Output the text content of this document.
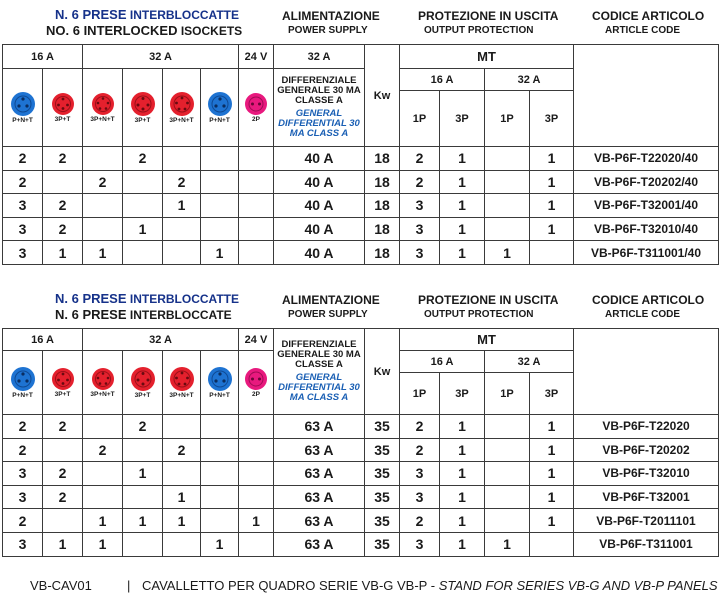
N. 6 PRESE INTERBLOCCATTE
NO. 6 INTERLOCKED ISOCKETS
ALIMENTAZIONE
POWER SUPPLY
PROTEZIONE IN USCITA
OUTPUT PROTECTION
CODICE ARTICOLO
ARTICLE CODE
16 A		32 A				24 V	32 A	Kw	MT				

P+N+T	3P+T	3P+N+T	3P+T	3P+N+T	P+N+T	2P	DIFFERENZIALE GENERALE 30 MA CLASSE A
GENERAL DIFFERENTIAL 30 MA CLASS A		16 A		32 A		
									1P	3P	1P	3P	
2	2		2				40 A	18	2	1		1	VB-P6F-T22020/40
2		2		2			40 A	18	2	1		1	VB-P6F-T20202/40
3	2			1			40 A	18	3	1		1	VB-P6F-T32001/40
3	2		1				40 A	18	3	1		1	VB-P6F-T32010/40
3	1	1			1		40 A	18	3	1	1		VB-P6F-T311001/40
N. 6 PRESE INTERBLOCCATTE
N. 6 PRESE INTERBLOCCATE
ALIMENTAZIONE
POWER SUPPLY
PROTEZIONE IN USCITA
OUTPUT PROTECTION
CODICE ARTICOLO
ARTICLE CODE
16 A		32 A				24 V	DIFFERENZIALE GENERALE 30 MA CLASSE A
GENERAL DIFFERENTIAL 30 MA CLASS A	Kw	MT				

P+N+T	3P+T	3P+N+T	3P+T	3P+N+T	P+N+T	2P			16 A		32 A		
									1P	3P	1P	3P	
2	2		2				63 A	35	2	1		1	VB-P6F-T22020
2		2		2			63 A	35	2	1		1	VB-P6F-T20202
3	2		1				63 A	35	3	1		1	VB-P6F-T32010
3	2			1			63 A	35	3	1		1	VB-P6F-T32001
2		1	1	1		1	63 A	35	2	1		1	VB-P6F-T2011101
3	1	1			1		63 A	35	3	1	1		VB-P6F-T311001
VB-CAV01	| CAVALLETTO PER QUADRO SERIE VB-G VB-P - STAND FOR SERIES VB-G AND VB-P PANELS
